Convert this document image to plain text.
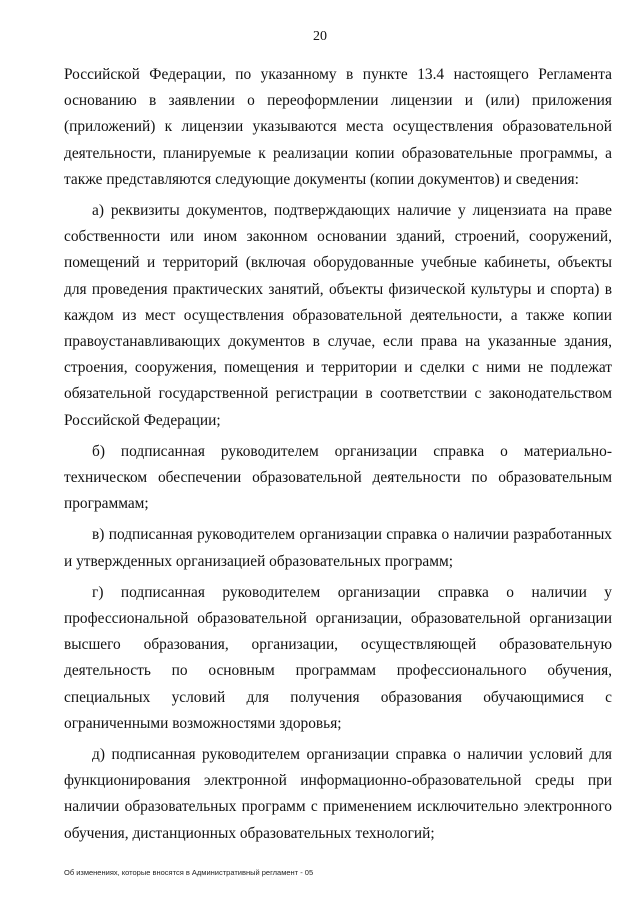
20

Российской Федерации, по указанному в пункте 13.4 настоящего Регламента основанию в заявлении о переоформлении лицензии и (или) приложения (приложений) к лицензии указываются места осуществления образовательной деятельности, планируемые к реализации копии образовательные программы, а также представляются следующие документы (копии документов) и сведения:

а) реквизиты документов, подтверждающих наличие у лицензиата на праве собственности или ином законном основании зданий, строений, сооружений, помещений и территорий (включая оборудованные учебные кабинеты, объекты для проведения практических занятий, объекты физической культуры и спорта) в каждом из мест осуществления образовательной деятельности, а также копии правоустанавливающих документов в случае, если права на указанные здания, строения, сооружения, помещения и территории и сделки с ними не подлежат обязательной государственной регистрации в соответствии с законодательством Российской Федерации;

б) подписанная руководителем организации справка о материально-техническом обеспечении образовательной деятельности по образовательным программам;

в) подписанная руководителем организации справка о наличии разработанных и утвержденных организацией образовательных программ;

г) подписанная руководителем организации справка о наличии у профессиональной образовательной организации, образовательной организации высшего образования, организации, осуществляющей образовательную деятельность по основным программам профессионального обучения, специальных условий для получения образования обучающимися с ограниченными возможностями здоровья;

д) подписанная руководителем организации справка о наличии условий для функционирования электронной информационно-образовательной среды при наличии образовательных программ с применением исключительно электронного обучения, дистанционных образовательных технологий;

Об изменениях, которые вносятся в Административный регламент - 05
